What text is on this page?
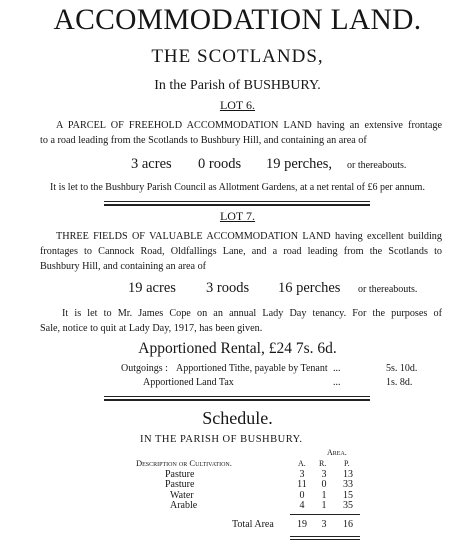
ACCOMMODATION LAND.
THE SCOTLANDS,
In the Parish of BUSHBURY.
LOT 6.
A PARCEL OF FREEHOLD ACCOMMODATION LAND having an extensive frontage
to a road leading from the Scotlands to Bushbury Hill, and containing an area of
3 acres 0 roods 19 perches, or thereabouts.
It is let to the Bushbury Parish Council as Allotment Gardens, at a net rental of £6 per annum.
LOT 7.
THREE FIELDS OF VALUABLE ACCOMMODATION LAND having excellent building
frontages to Cannock Road, Oldfallings Lane, and a road leading from the Scotlands to
Bushbury Hill, and containing an area of
19 acres 3 roods 16 perches or thereabouts.
It is let to Mr. James Cope on an annual Lady Day tenancy. For the purposes of
Sale, notice to quit at Lady Day, 1917, has been given.
Apportioned Rental, £24 7s. 6d.
Outgoings : Apportioned Tithe, payable by Tenant ...	5s. 10d.
Apportioned Land Tax	...	1s. 8d.
Schedule.
IN THE PARISH OF BUSHBURY.
Area.
Description or Cultivation.	A. R. P.
Pasture	3	3	13
Pasture	11	0	33
Water	0	1	15
Arable	4	1	35
Total Area	19	3	16
